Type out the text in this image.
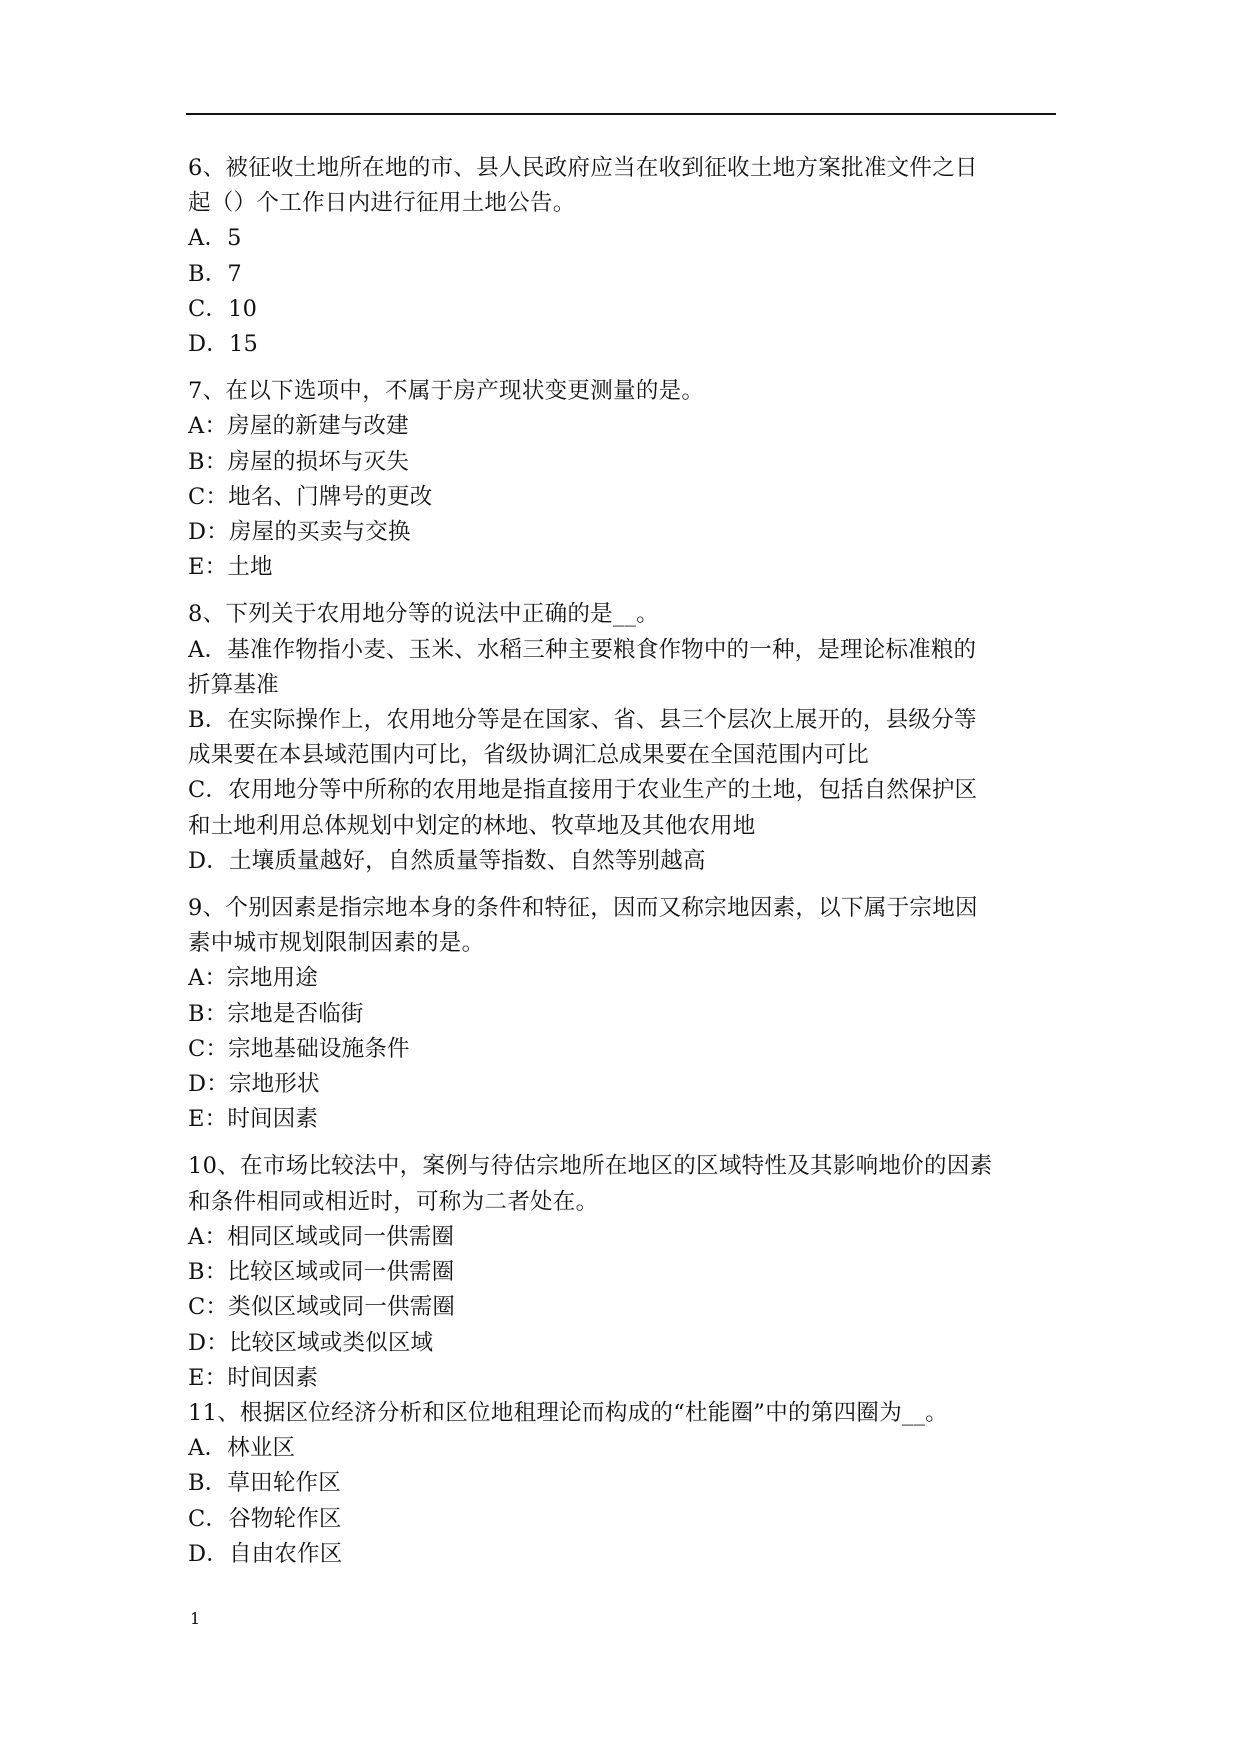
6、被征收土地所在地的市、县人民政府应当在收到征收土地方案批准文件之日
起（）个工作日内进行征用土地公告。
A．5
B．7
C．10
D．15
7、在以下选项中，不属于房产现状变更测量的是。
A：房屋的新建与改建
B：房屋的损坏与灭失
C：地名、门牌号的更改
D：房屋的买卖与交换
E：土地
8、下列关于农用地分等的说法中正确的是__。
A．基准作物指小麦、玉米、水稻三种主要粮食作物中的一种，是理论标准粮的
折算基准
B．在实际操作上，农用地分等是在国家、省、县三个层次上展开的，县级分等
成果要在本县域范围内可比，省级协调汇总成果要在全国范围内可比
C．农用地分等中所称的农用地是指直接用于农业生产的土地，包括自然保护区
和土地利用总体规划中划定的林地、牧草地及其他农用地
D．土壤质量越好，自然质量等指数、自然等别越高
9、个别因素是指宗地本身的条件和特征，因而又称宗地因素，以下属于宗地因
素中城市规划限制因素的是。
A：宗地用途
B：宗地是否临街
C：宗地基础设施条件
D：宗地形状
E：时间因素
10、在市场比较法中，案例与待估宗地所在地区的区域特性及其影响地价的因素
和条件相同或相近时，可称为二者处在。
A：相同区域或同一供需圈
B：比较区域或同一供需圈
C：类似区域或同一供需圈
D：比较区域或类似区域
E：时间因素
11、根据区位经济分析和区位地租理论而构成的“杜能圈”中的第四圈为__。
A．林业区
B．草田轮作区
C．谷物轮作区
D．自由农作区
1
